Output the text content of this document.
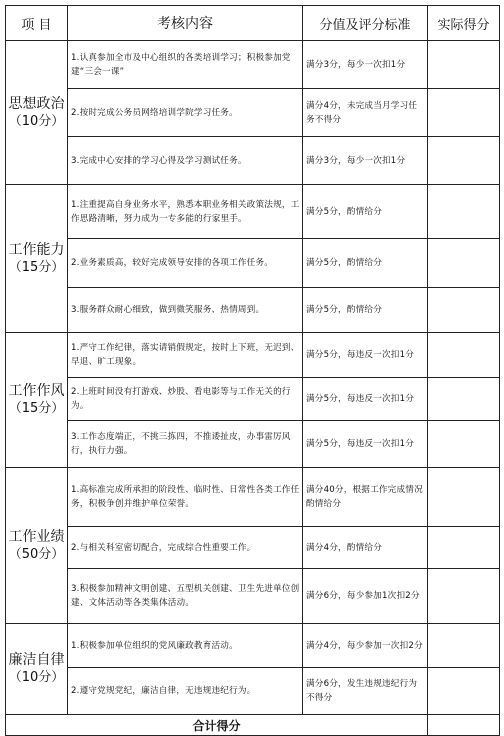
项 目	考核内容	分值及评分标准	实际得分

思想政治
（10分）	1.认真参加全市及中心组织的各类培训学习；积极参加党建“三会一课”	满分3分，每少一次扣1分	
	2.按时完成公务员网络培训学院学习任务。	满分4分，未完成当月学习任务不得分	
	3.完成中心安排的学习心得及学习测试任务。	满分3分，每少一次扣1分	

工作能力
（15分）	1.注重提高自身业务水平，熟悉本职业务相关政策法规，工作思路清晰，努力成为一专多能的行家里手。	满分5分，酌情给分	
	2.业务素质高，较好完成领导安排的各项工作任务。	满分5分，酌情给分	
	3.服务群众耐心细致，做到微笑服务、热情周到。	满分5分，酌情给分	

工作作风
（15分）	1.严守工作纪律，落实请销假规定，按时上下班，无迟到、早退、旷工现象。	满分5分，每违反一次扣1分	
	2.上班时间没有打游戏、炒股、看电影等与工作无关的行为。	满分5分，每违反一次扣1分	
	3.工作态度端正，不挑三拣四，不推诿扯皮，办事雷厉风行，执行力强。	满分5分，每违反一次扣1分	

工作业绩
（50分）	1.高标准完成所承担的阶段性、临时性、日常性各类工作任务，积极争创并维护单位荣誉。	满分40分，根据工作完成情况酌情给分	
	2.与相关科室密切配合，完成综合性重要工作。	满分4分，酌情给分	
	3.积极参加精神文明创建、五型机关创建、卫生先进单位创建、文体活动等各类集体活动。	满分6分，每少参加1次扣2分	

廉洁自律
（10分）	1.积极参加单位组织的党风廉政教育活动。	满分4分，每少参加一次扣2分	
	2.遵守党规党纪，廉洁自律，无违规违纪行为。	满分6分，发生违规违纪行为不得分	
合计得分			
